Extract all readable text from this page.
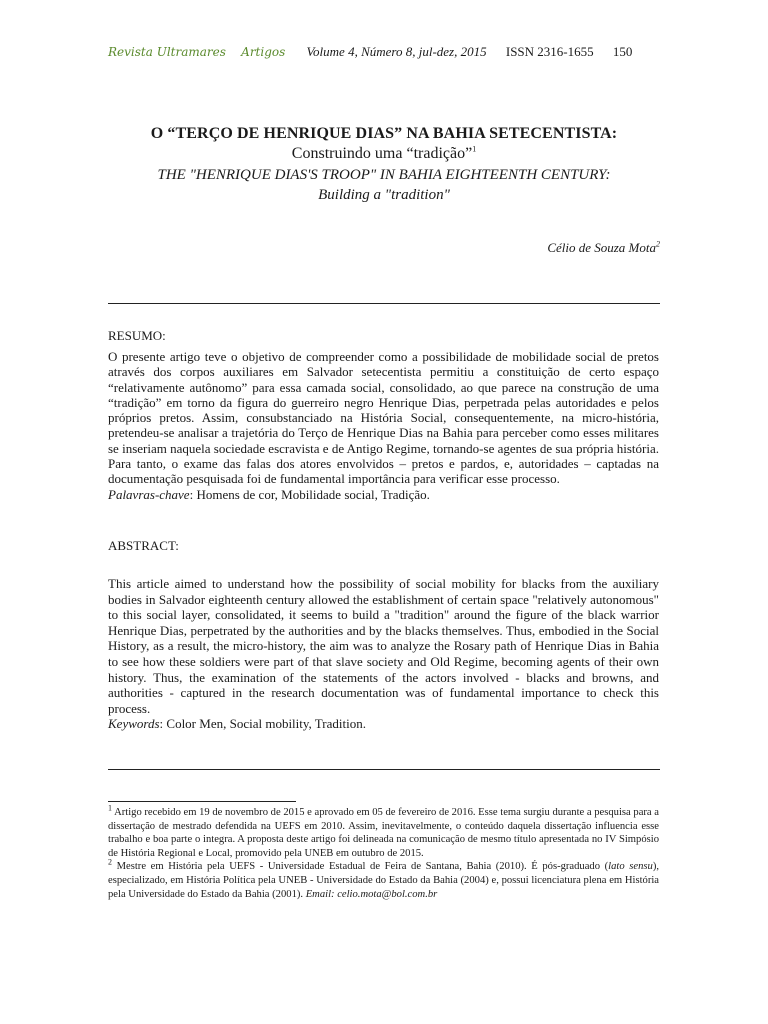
Revista Ultramares Artigos Volume 4, Número 8, jul-dez, 2015 ISSN 2316-1655 150
O “TERÇO DE HENRIQUE DIAS” NA BAHIA SETECENTISTA:
Construindo uma “tradição”$^1$
THE "HENRIQUE DIAS'S TROOP" IN BAHIA EIGHTEENTH CENTURY:
Building a "tradition"
Célio de Souza Mota$^2$
RESUMO:
O presente artigo teve o objetivo de compreender como a possibilidade de mobilidade social de pretos através dos corpos auxiliares em Salvador setecentista permitiu a constituição de certo espaço “relativamente autônomo” para essa camada social, consolidado, ao que parece na construção de uma “tradição” em torno da figura do guerreiro negro Henrique Dias, perpetrada pelas autoridades e pelos próprios pretos. Assim, consubstanciado na História Social, consequentemente, na micro-história, pretendeu-se analisar a trajetória do Terço de Henrique Dias na Bahia para perceber como esses militares se inseriam naquela sociedade escravista e de Antigo Regime, tornando-se agentes de sua própria história. Para tanto, o exame das falas dos atores envolvidos – pretos e pardos, e, autoridades – captadas na documentação pesquisada foi de fundamental importância para verificar esse processo.
Palavras-chave: Homens de cor, Mobilidade social, Tradição.
ABSTRACT:
This article aimed to understand how the possibility of social mobility for blacks from the auxiliary bodies in Salvador eighteenth century allowed the establishment of certain space "relatively autonomous" to this social layer, consolidated, it seems to build a "tradition" around the figure of the black warrior Henrique Dias, perpetrated by the authorities and by the blacks themselves. Thus, embodied in the Social History, as a result, the micro-history, the aim was to analyze the Rosary path of Henrique Dias in Bahia to see how these soldiers were part of that slave society and Old Regime, becoming agents of their own history. Thus, the examination of the statements of the actors involved - blacks and browns, and authorities - captured in the research documentation was of fundamental importance to check this process.
Keywords: Color Men, Social mobility, Tradition.

$^1$ Artigo recebido em 19 de novembro de 2015 e aprovado em 05 de fevereiro de 2016. Esse tema surgiu durante a pesquisa para a dissertação de mestrado defendida na UEFS em 2010. Assim, inevitavelmente, o conteúdo daquela dissertação influencia esse trabalho e boa parte o integra. A proposta deste artigo foi delineada na comunicação de mesmo título apresentada no IV Simpósio de História Regional e Local, promovido pela UNEB em outubro de 2015.

$^2$ Mestre em História pela UEFS - Universidade Estadual de Feira de Santana, Bahia (2010). É pós-graduado (lato sensu), especializado, em História Política pela UNEB - Universidade do Estado da Bahia (2004) e, possui licenciatura plena em História pela Universidade do Estado da Bahia (2001). Email: celio.mota@bol.com.br
